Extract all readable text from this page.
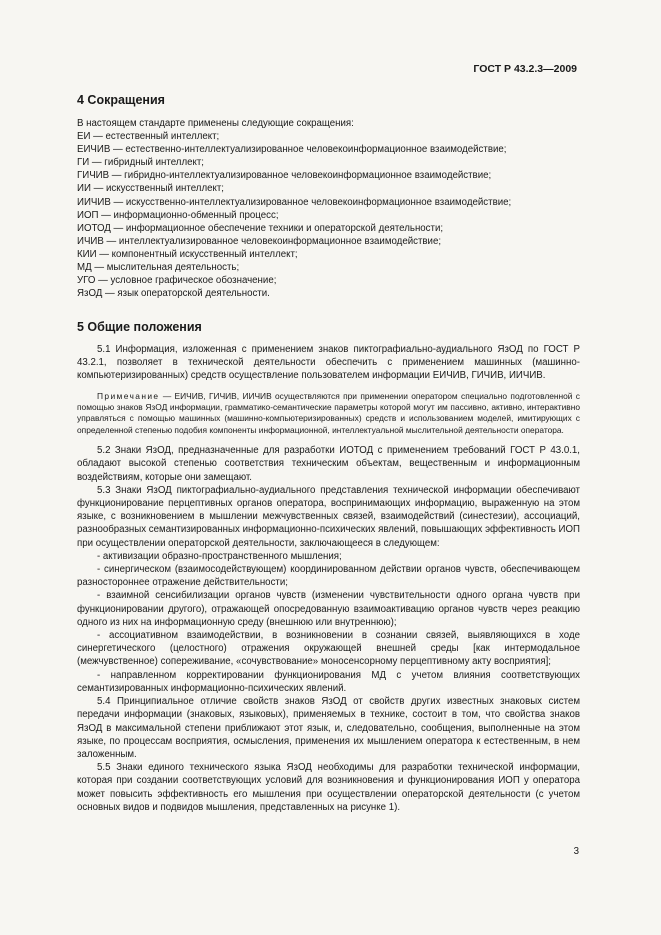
ГОСТ Р 43.2.3—2009
4 Сокращения
В настоящем стандарте применены следующие сокращения:
ЕИ — естественный интеллект;
ЕИЧИВ — естественно-интеллектуализированное человекоинформационное взаимодействие;
ГИ — гибридный интеллект;
ГИЧИВ — гибридно-интеллектуализированное человекоинформационное взаимодействие;
ИИ — искусственный интеллект;
ИИЧИВ — искусственно-интеллектуализированное человекоинформационное взаимодействие;
ИОП — информационно-обменный процесс;
ИОТОД — информационное обеспечение техники и операторской деятельности;
ИЧИВ — интеллектуализированное человекоинформационное взаимодействие;
КИИ — компонентный искусственный интеллект;
МД — мыслительная деятельность;
УГО — условное графическое обозначение;
ЯзОД — язык операторской деятельности.
5 Общие положения

5.1 Информация, изложенная с применением знаков пиктографиально-аудиального ЯзОД по ГОСТ Р 43.2.1, позволяет в технической деятельности обеспечить с применением машинных (машинно-компьютеризированных) средств осуществление пользователем информации ЕИЧИВ, ГИЧИВ, ИИЧИВ.

Примечание — ЕИЧИВ, ГИЧИВ, ИИЧИВ осуществляются при применении оператором специально подготовленной с помощью знаков ЯзОД информации, грамматико-семантические параметры которой могут им пассивно, активно, интерактивно управляться с помощью машинных (машинно-компьютеризированных) средств и использованием моделей, имитирующих с определенной степенью подобия компоненты информационной, интеллектуальной мыслительной деятельности оператора.

5.2 Знаки ЯзОД, предназначенные для разработки ИОТОД с применением требований ГОСТ Р 43.0.1, обладают высокой степенью соответствия техническим объектам, вещественным и информационным воздействиям, которые они замещают.

5.3 Знаки ЯзОД пиктографиально-аудиального представления технической информации обеспечивают функционирование перцептивных органов оператора, воспринимающих информацию, выраженную на этом языке, с возникновением в мышлении межчувственных связей, взаимодействий (синестезии), ассоциаций, разнообразных семантизированных информационно-психических явлений, повышающих эффективность ИОП при осуществлении операторской деятельности, заключающееся в следующем:

- активизации образно-пространственного мышления;

- синергическом (взаимосодействующем) координированном действии органов чувств, обеспечивающем разностороннее отражение действительности;

- взаимной сенсибилизации органов чувств (изменении чувствительности одного органа чувств при функционировании другого), отражающей опосредованную взаимоактивацию органов чувств через реакцию одного из них на информационную среду (внешнюю или внутреннюю);

- ассоциативном взаимодействии, в возникновении в сознании связей, выявляющихся в ходе синергетического (целостного) отражения окружающей внешней среды [как интермодальное (межчувственное) сопереживание, «сочувствование» моносенсорному перцептивному акту восприятия];

- направленном корректировании функционирования МД с учетом влияния соответствующих семантизированных информационно-психических явлений.

5.4 Принципиальное отличие свойств знаков ЯзОД от свойств других известных знаковых систем передачи информации (знаковых, языковых), применяемых в технике, состоит в том, что свойства знаков ЯзОД в максимальной степени приближают этот язык, и, следовательно, сообщения, выполненные на этом языке, по процессам восприятия, осмысления, применения их мышлением оператора к естественным, в нем заложенным.

5.5 Знаки единого технического языка ЯзОД необходимы для разработки технической информации, которая при создании соответствующих условий для возникновения и функционирования ИОП у оператора может повысить эффективность его мышления при осуществлении операторской деятельности (с учетом основных видов и подвидов мышления, представленных на рисунке 1).

3
